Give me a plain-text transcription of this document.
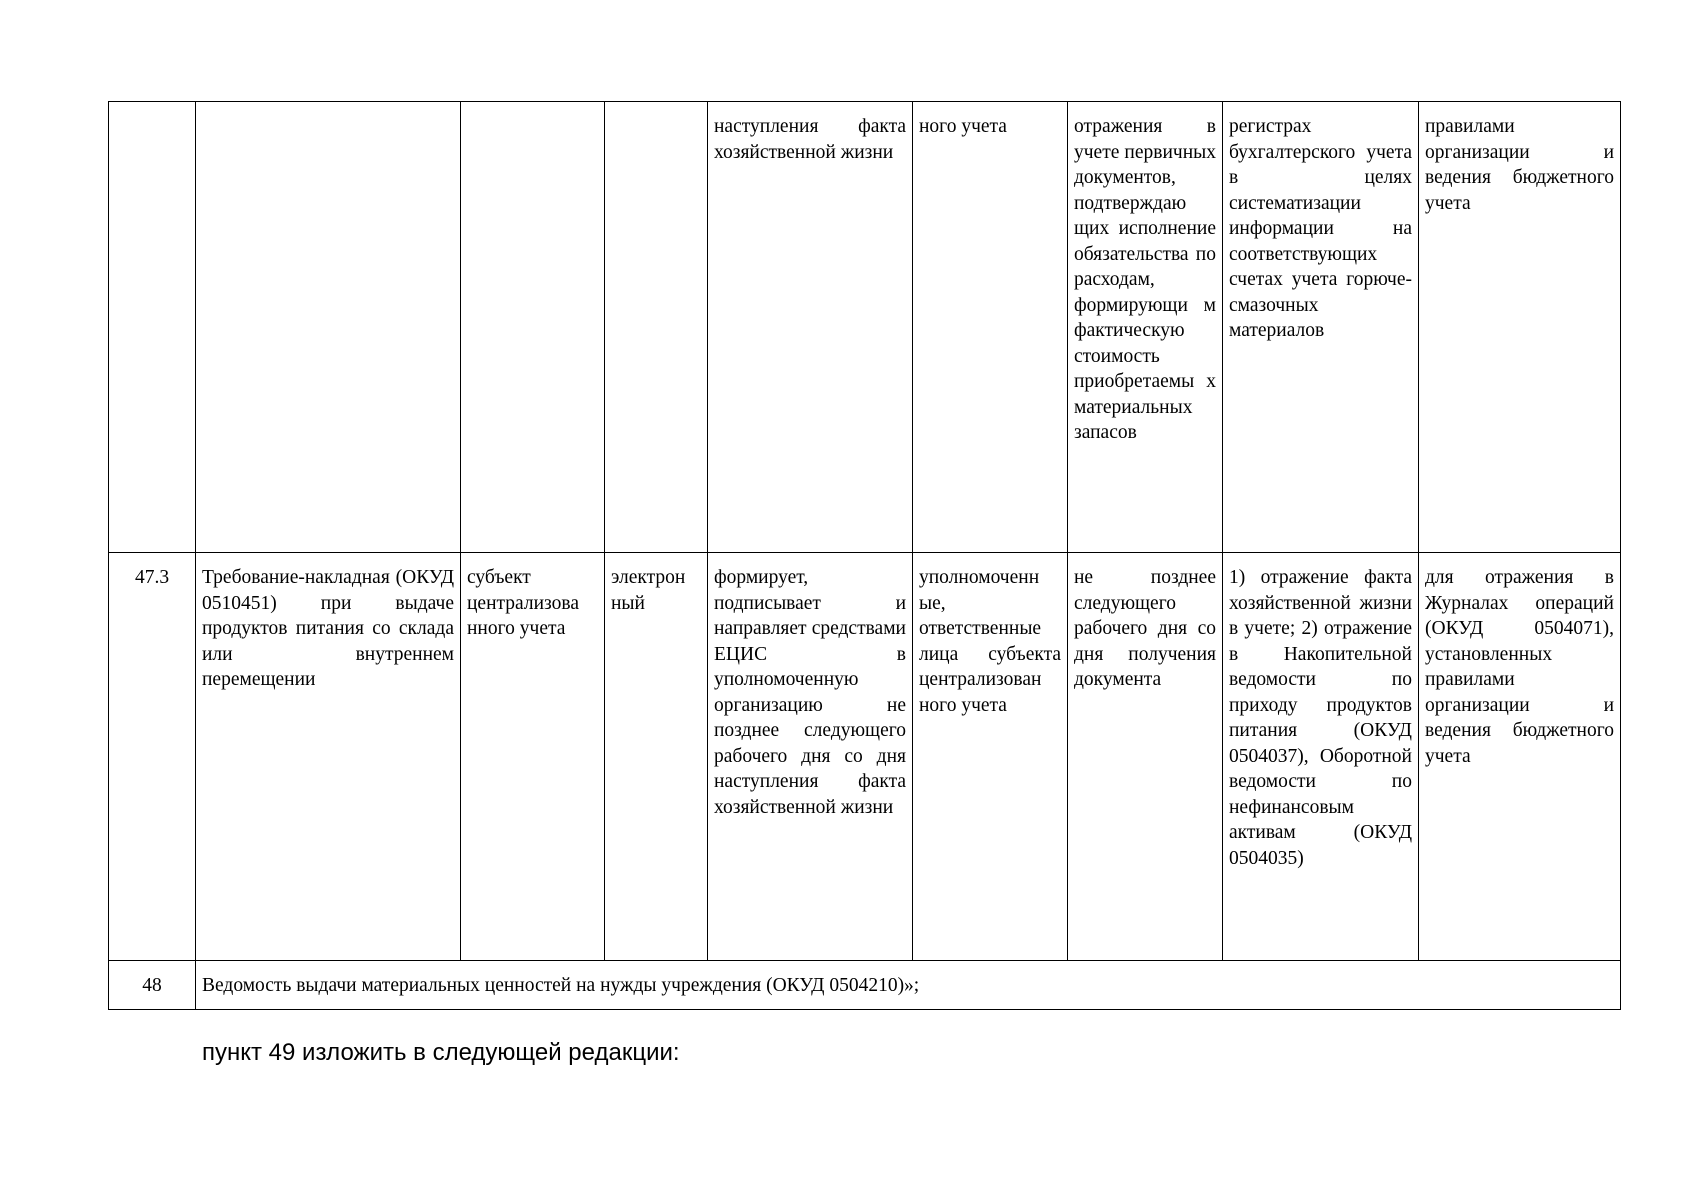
				наступления факта хозяйственной жизни	ного учета	отражения в учете первичных документов, подтверждаю щих исполнение обязательства по расходам, формирующи м фактическую стоимость приобретаемы х материальных запасов	регистрах бухгалтерского учета в целях систематизации информации на соответствующих счетах учета горюче-смазочных материалов	правилами организации и ведения бюджетного учета
47.3	Требование-накладная (ОКУД 0510451) при выдаче продуктов питания со склада или внутреннем перемещении	субъект централизова нного учета	электрон ный	формирует, подписывает и направляет средствами ЕЦИС в уполномоченную организацию не позднее следующего рабочего дня со дня наступления факта хозяйственной жизни	уполномоченн ые, ответственные лица субъекта централизован ного учета	не позднее следующего рабочего дня со дня получения документа	1) отражение факта хозяйственной жизни в учете; 2) отражение в Накопительной ведомости по приходу продуктов питания (ОКУД 0504037), Оборотной ведомости по нефинансовым активам (ОКУД 0504035)	для отражения в Журналах операций (ОКУД 0504071), установленных правилами организации и ведения бюджетного учета
48	Ведомость выдачи материальных ценностей на нужды учреждения (ОКУД 0504210)»;							

пункт 49 изложить в следующей редакции:
